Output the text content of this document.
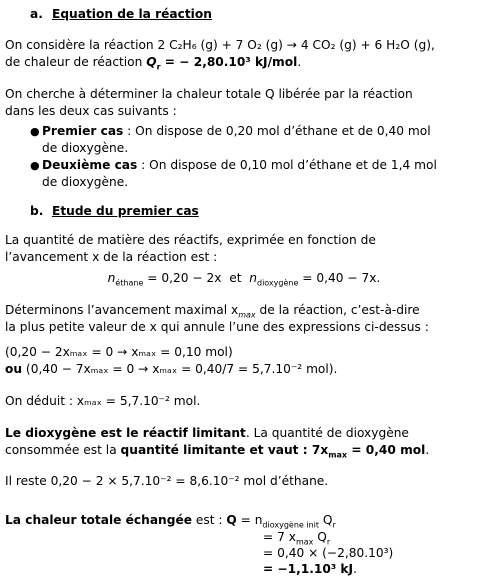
a. Equation de la réaction
On considère la réaction 2 C₂H₆ (g) + 7 O₂ (g) → 4 CO₂ (g) + 6 H₂O (g),
de chaleur de réaction $Q_r$ = − 2,80.10³ kJ/mol.
On cherche à déterminer la chaleur totale Q libérée par la réaction
dans les deux cas suivants :
● Premier cas : On dispose de 0,20 mol d’éthane et de 0,40 mol
de dioxygène.
● Deuxième cas : On dispose de 0,10 mol d’éthane et de 1,4 mol
de dioxygène.
b. Etude du premier cas
La quantité de matière des réactifs, exprimée en fonction de
l’avancement x de la réaction est :
$n_{éthane} = 0,20 - 2x$  et  $n_{dioxygène} = 0,40 - 7x$.
Déterminons l’avancement maximal $x_{max}$ de la réaction, c’est-à-dire
la plus petite valeur de x qui annule l’une des expressions ci-dessus :
(0,20 − 2xₘₐₓ = 0 → xₘₐₓ = 0,10 mol)
ou (0,40 − 7xₘₐₓ = 0 → xₘₐₓ = 0,40/7 = 5,7.10⁻² mol).
On déduit : xₘₐₓ = 5,7.10⁻² mol.
Le dioxygène est le réactif limitant. La quantité de dioxygène
consommée est la quantité limitante et vaut : $7x_{max} = 0,40$ mol.
Il reste 0,20 − 2 × 5,7.10⁻² = 8,6.10⁻² mol d’éthane.
La chaleur totale échangée est : $Q = n_{dioxygène init}$ $Q_r$
= 7 $x_{max}$ $Q_r$
= 0,40 × (−2,80.10³)
= −1,1.10³ kJ.
